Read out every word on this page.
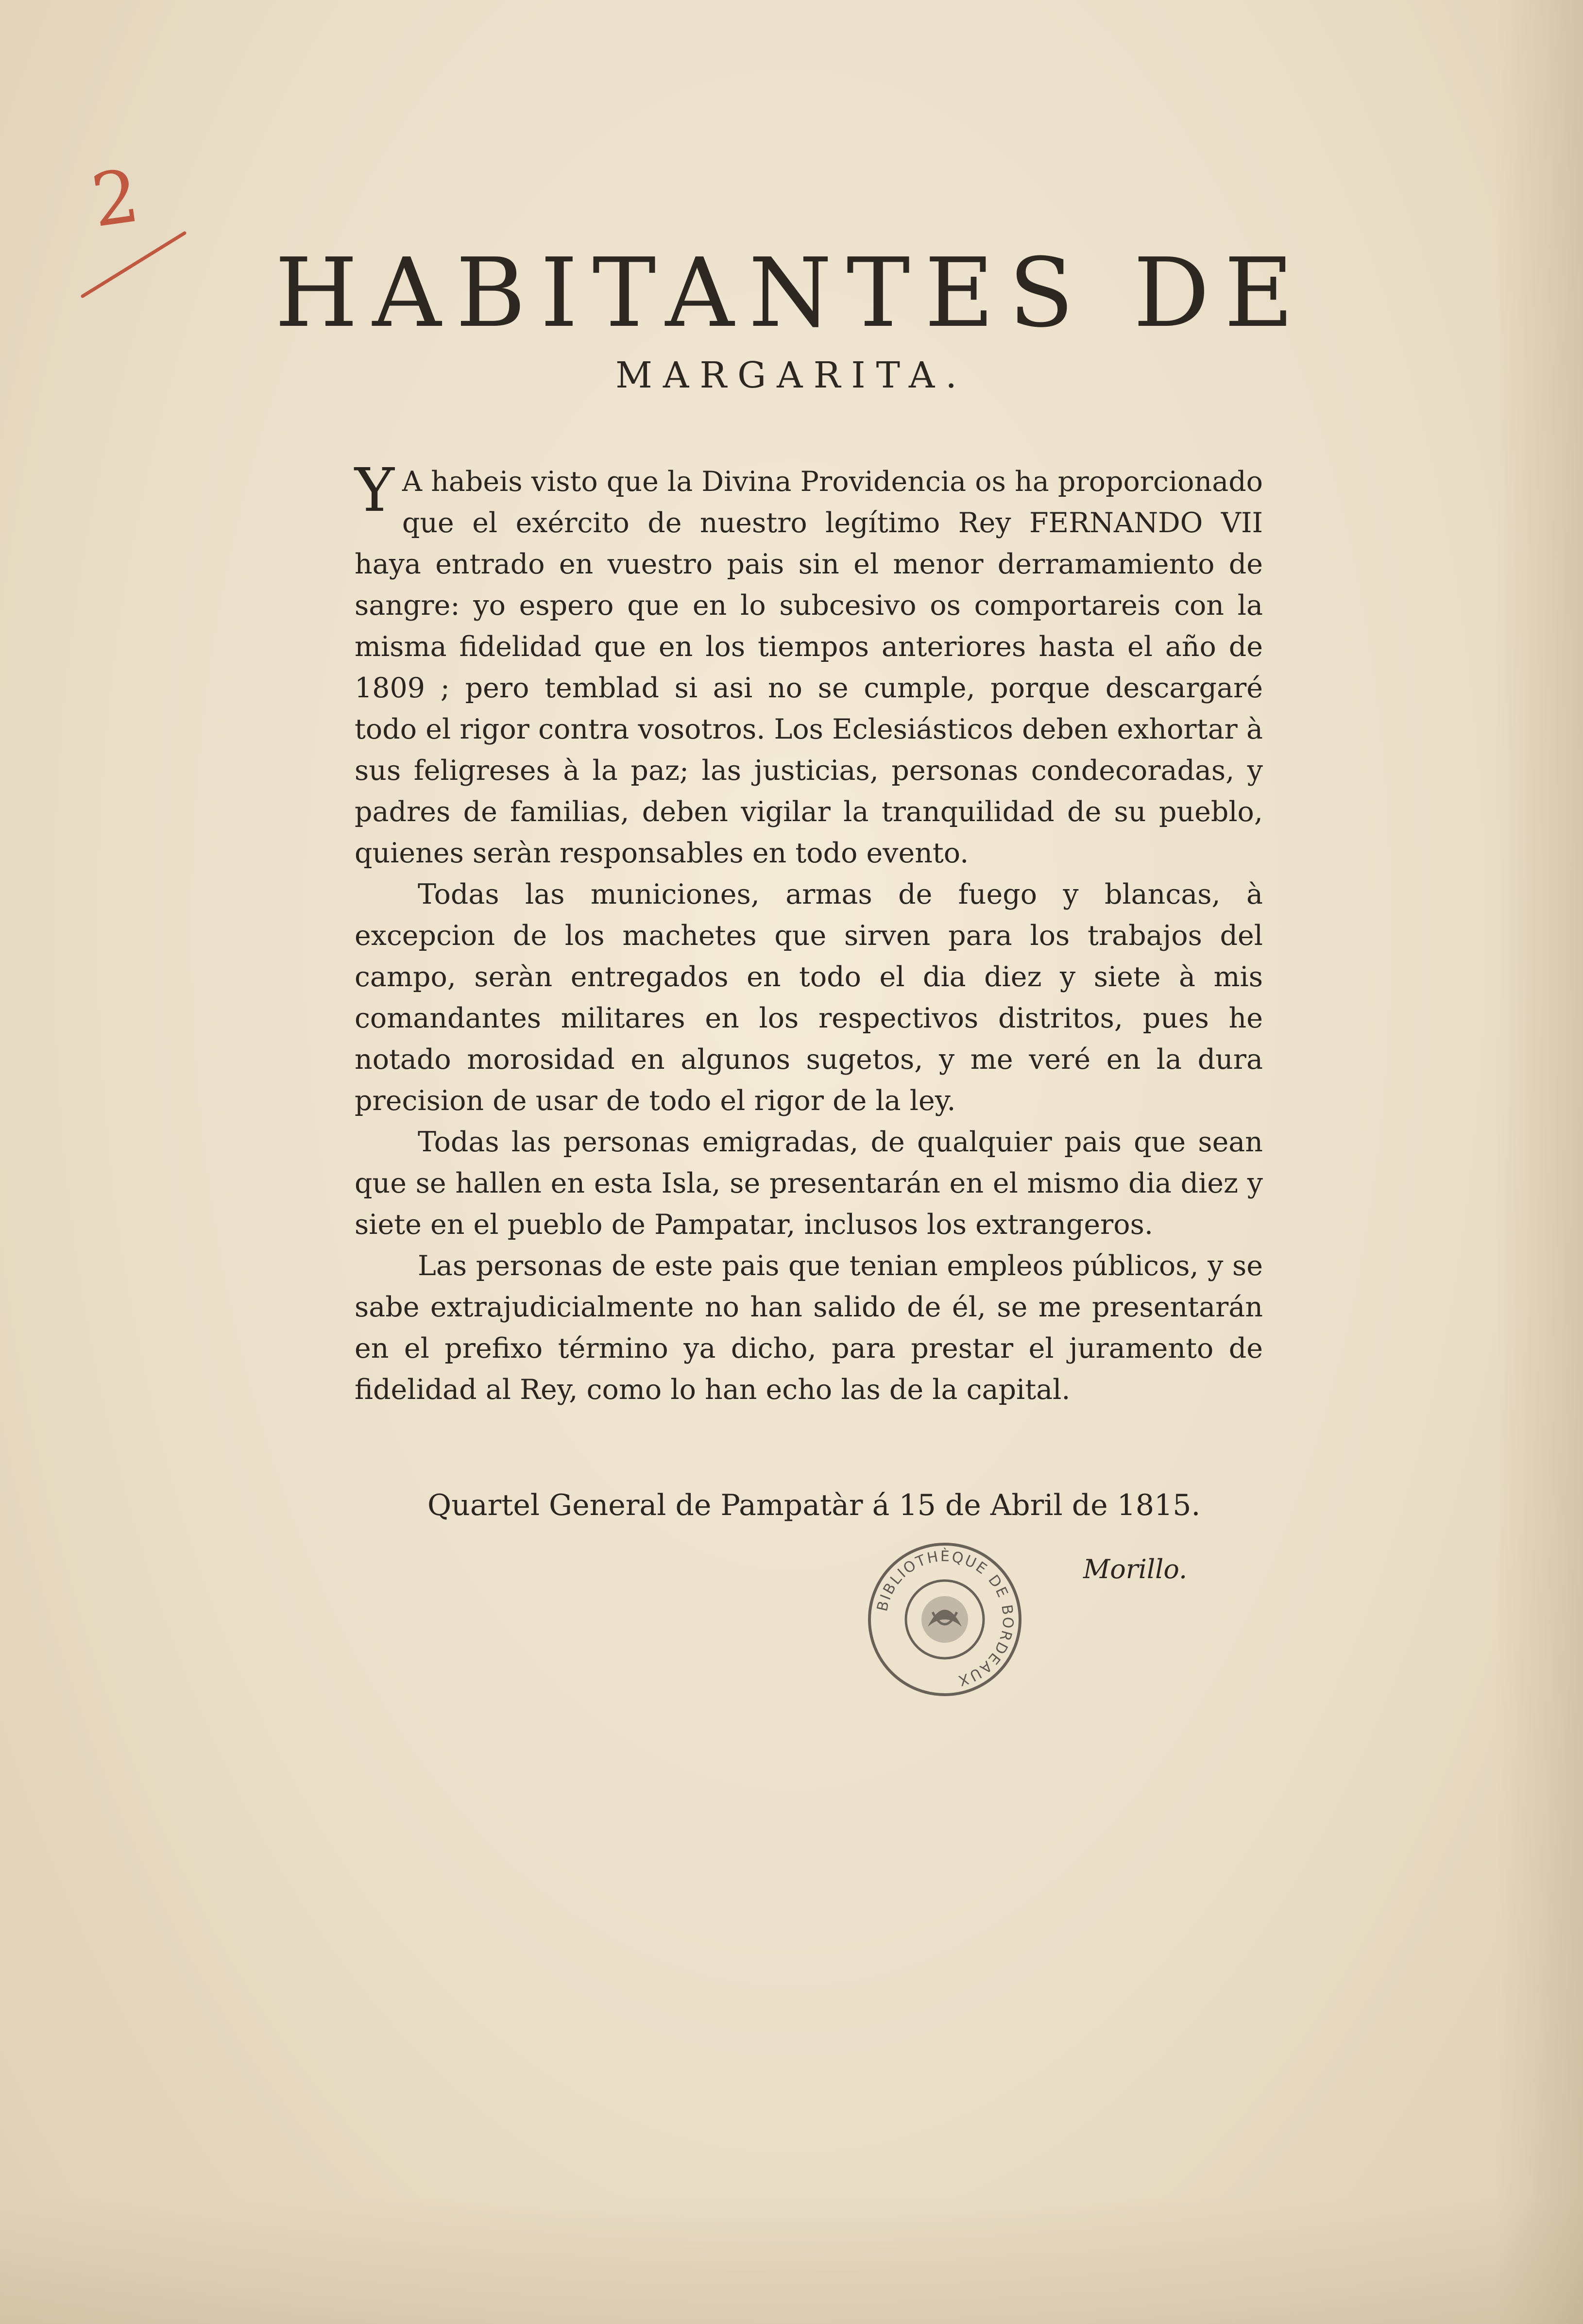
2
HABITANTES DE
MARGARITA.

Y A habeis visto que la Divina Providencia os ha proporcionado que el exército de nuestro legítimo Rey FERNANDO VII haya entrado en vuestro pais sin el menor derramamiento de sangre: yo espero que en lo subcesivo os comportareis con la misma fidelidad que en los tiempos anteriores hasta el año de 1809 ; pero temblad si asi no se cumple, porque descargaré todo el rigor contra vosotros. Los Eclesiásticos deben exhortar à sus feligreses à la paz; las justicias, personas condecoradas, y padres de familias, deben vigilar la tranquilidad de su pueblo, quienes seràn responsables en todo evento.

Todas las municiones, armas de fuego y blancas, à excepcion de los machetes que sirven para los trabajos del campo, seràn entregados en todo el dia diez y siete à mis comandantes militares en los respectivos distritos, pues he notado morosidad en algunos sugetos, y me veré en la dura precision de usar de todo el rigor de la ley.

Todas las personas emigradas, de qualquier pais que sean que se hallen en esta Isla, se presentarán en el mismo dia diez y siete en el pueblo de Pampatar, inclusos los extrangeros.

Las personas de este pais que tenian empleos públicos, y se sabe extrajudicialmente no han salido de él, se me presentarán en el prefixo término ya dicho, para prestar el juramento de fidelidad al Rey, como lo han echo las de la capital.

Quartel General de Pampatàr á 15 de Abril de 1815.
BIBLIOTHÈQUE DE BORDEAUX
Morillo.
